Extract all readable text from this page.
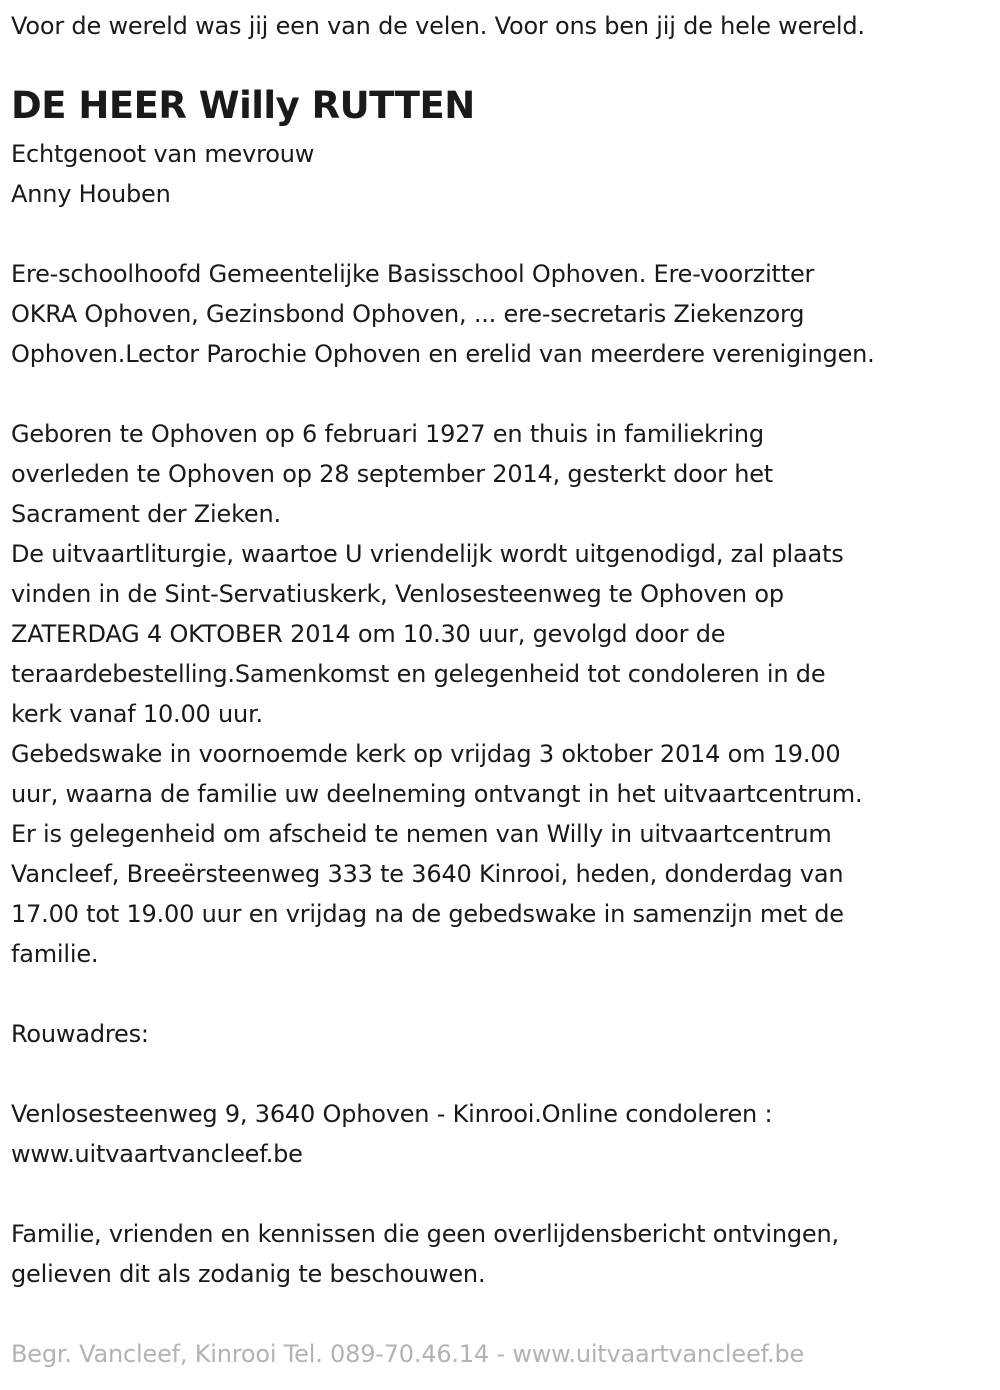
Voor de wereld was jij een van de velen. Voor ons ben jij de hele wereld.
DE HEER Willy RUTTEN
Echtgenoot van mevrouw
Anny Houben
Ere-schoolhoofd Gemeentelijke Basisschool Ophoven. Ere-voorzitter
OKRA Ophoven, Gezinsbond Ophoven, ... ere-secretaris Ziekenzorg
Ophoven.Lector Parochie Ophoven en erelid van meerdere verenigingen.
Geboren te Ophoven op 6 februari 1927 en thuis in familiekring
overleden te Ophoven op 28 september 2014, gesterkt door het
Sacrament der Zieken.
De uitvaartliturgie, waartoe U vriendelijk wordt uitgenodigd, zal plaats
vinden in de Sint-Servatiuskerk, Venlosesteenweg te Ophoven op
ZATERDAG 4 OKTOBER 2014 om 10.30 uur, gevolgd door de
teraardebestelling.Samenkomst en gelegenheid tot condoleren in de
kerk vanaf 10.00 uur.
Gebedswake in voornoemde kerk op vrijdag 3 oktober 2014 om 19.00
uur, waarna de familie uw deelneming ontvangt in het uitvaartcentrum.
Er is gelegenheid om afscheid te nemen van Willy in uitvaartcentrum
Vancleef, Breeërsteenweg 333 te 3640 Kinrooi, heden, donderdag van
17.00 tot 19.00 uur en vrijdag na de gebedswake in samenzijn met de
familie.
Rouwadres:
Venlosesteenweg 9, 3640 Ophoven - Kinrooi.Online condoleren :
www.uitvaartvancleef.be
Familie, vrienden en kennissen die geen overlijdensbericht ontvingen,
gelieven dit als zodanig te beschouwen.
Begr. Vancleef, Kinrooi Tel. 089-70.46.14 - www.uitvaartvancleef.be
